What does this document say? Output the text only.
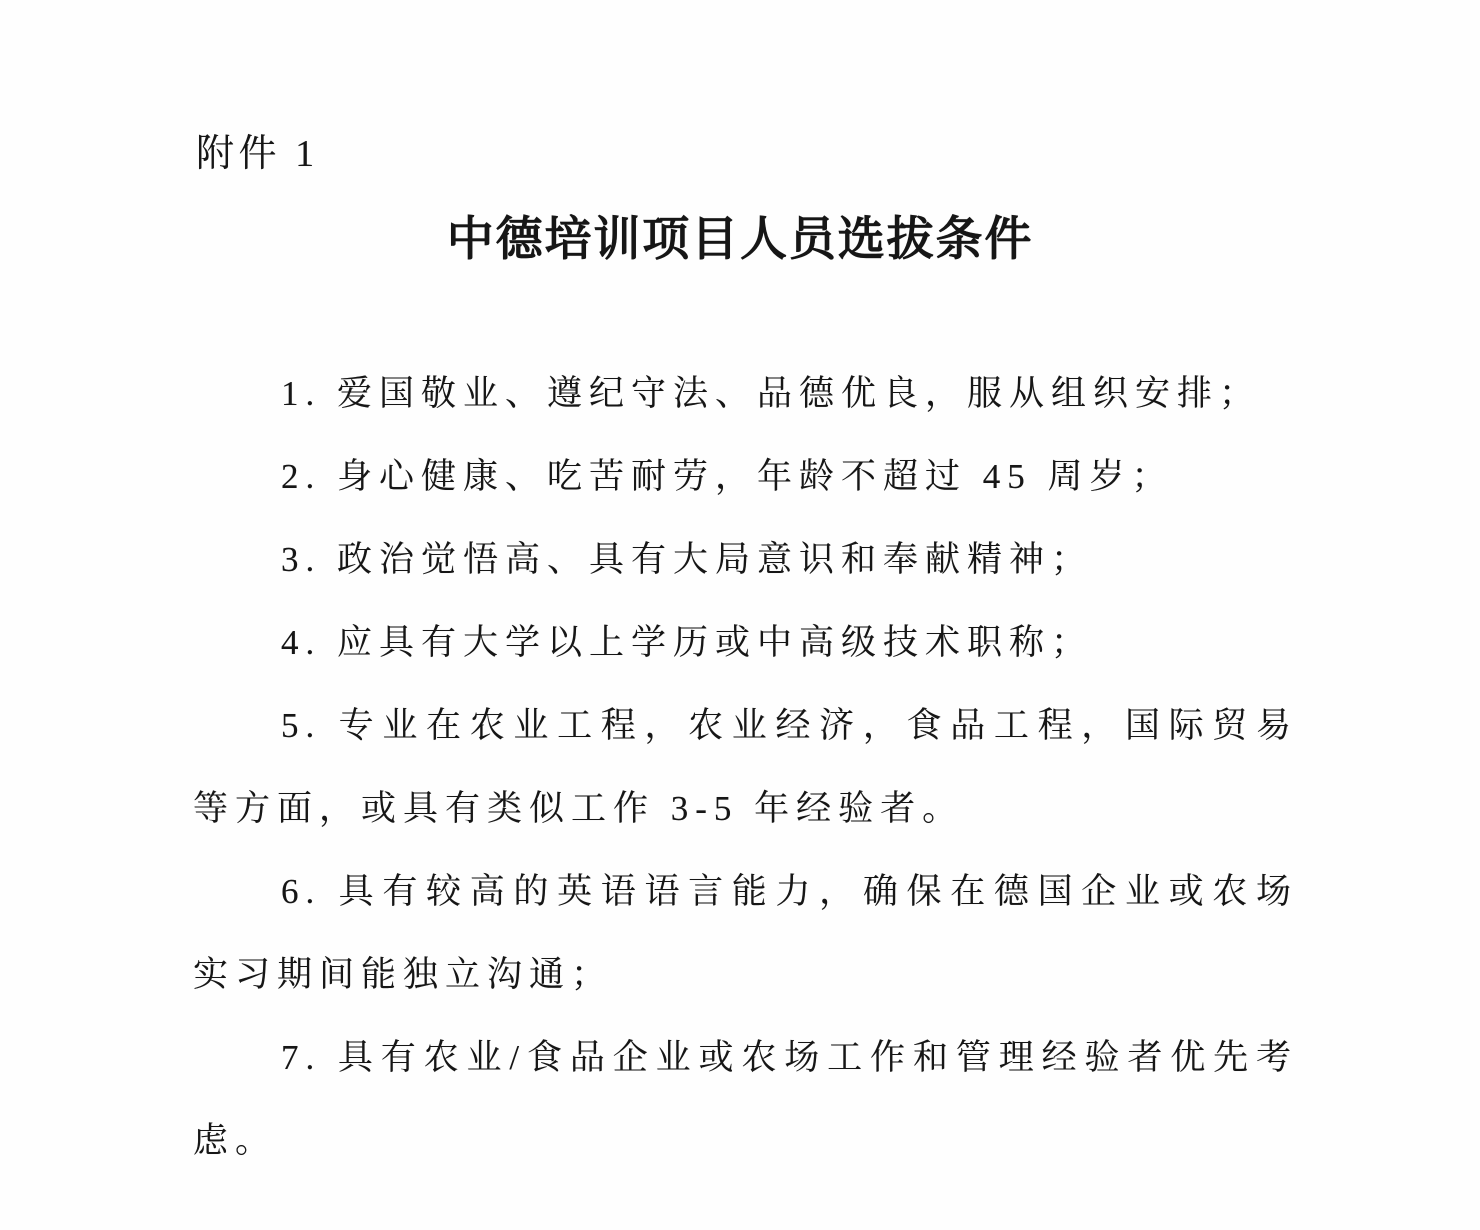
附件 1
中德培训项目人员选拔条件

1. 爱国敬业、遵纪守法、品德优良，服从组织安排；

2. 身心健康、吃苦耐劳，年龄不超过 45 周岁；

3. 政治觉悟高、具有大局意识和奉献精神；

4. 应具有大学以上学历或中高级技术职称；

5. 专业在农业工程，农业经济，食品工程，国际贸易等方面，或具有类似工作 3-5 年经验者。

6. 具有较高的英语语言能力，确保在德国企业或农场实习期间能独立沟通；

7. 具有农业/食品企业或农场工作和管理经验者优先考虑。
